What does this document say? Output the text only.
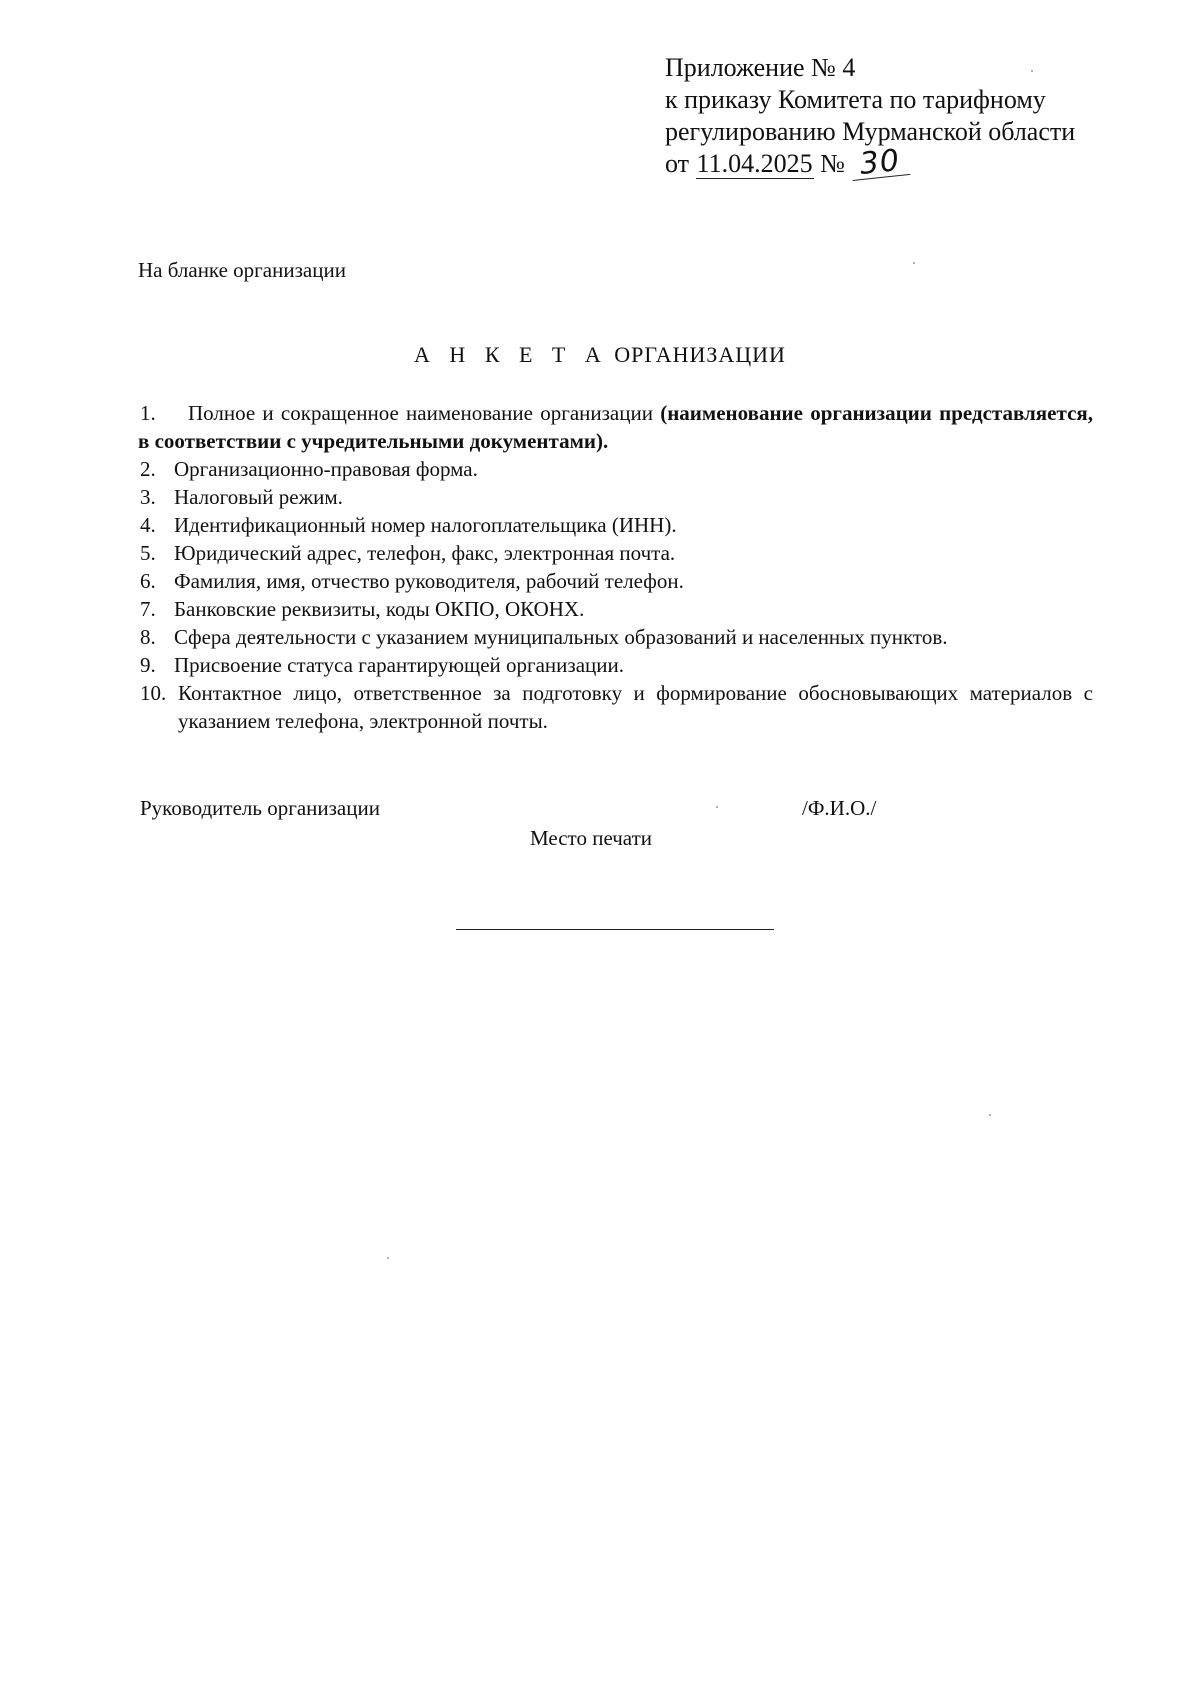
Приложение № 4
к приказу Комитета по тарифному
регулированию Мурманской области
от 11.04.2025 № 30
На бланке организации
А Н К Е Т А ОРГАНИЗАЦИИ
1. Полное и сокращенное наименование организации (наименование организации представляется, в соответствии с учредительными документами).
2. Организационно-правовая форма.
3. Налоговый режим.
4. Идентификационный номер налогоплательщика (ИНН).
5. Юридический адрес, телефон, факс, электронная почта.
6. Фамилия, имя, отчество руководителя, рабочий телефон.
7. Банковские реквизиты, коды ОКПО, ОКОНХ.
8. Сфера деятельности с указанием муниципальных образований и населенных пунктов.
9. Присвоение статуса гарантирующей организации.
10. Контактное лицо, ответственное за подготовку и формирование обосновывающих материалов с указанием телефона, электронной почты.
Руководитель организации	/Ф.И.О./
Место печати
